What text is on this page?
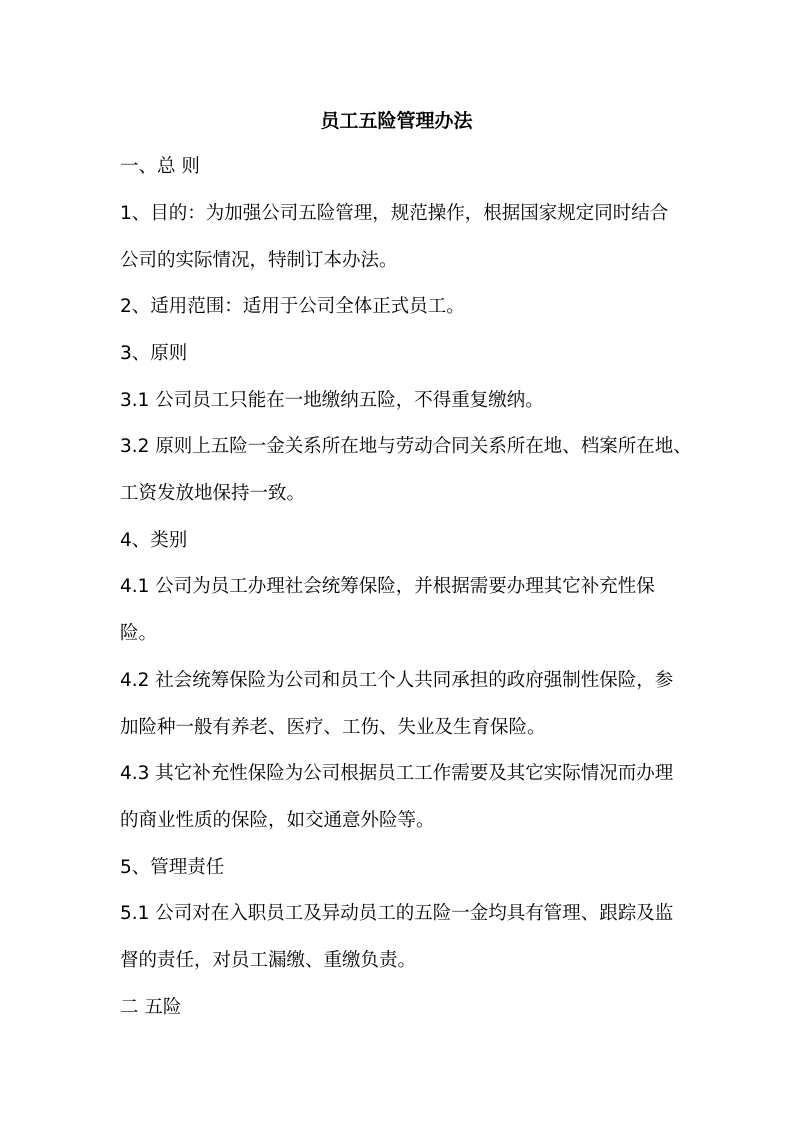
员工五险管理办法

一、总 则

1、目的：为加强公司五险管理，规范操作，根据国家规定同时结合

公司的实际情况，特制订本办法。

2、适用范围：适用于公司全体正式员工。

3、原则

3.1 公司员工只能在一地缴纳五险，不得重复缴纳。

3.2 原则上五险一金关系所在地与劳动合同关系所在地、档案所在地、

工资发放地保持一致。

4、类别

4.1 公司为员工办理社会统筹保险，并根据需要办理其它补充性保

险。

4.2 社会统筹保险为公司和员工个人共同承担的政府强制性保险，参

加险种一般有养老、医疗、工伤、失业及生育保险。

4.3 其它补充性保险为公司根据员工工作需要及其它实际情况而办理

的商业性质的保险，如交通意外险等。

5、管理责任

5.1 公司对在入职员工及异动员工的五险一金均具有管理、跟踪及监

督的责任，对员工漏缴、重缴负责。

二 五险
